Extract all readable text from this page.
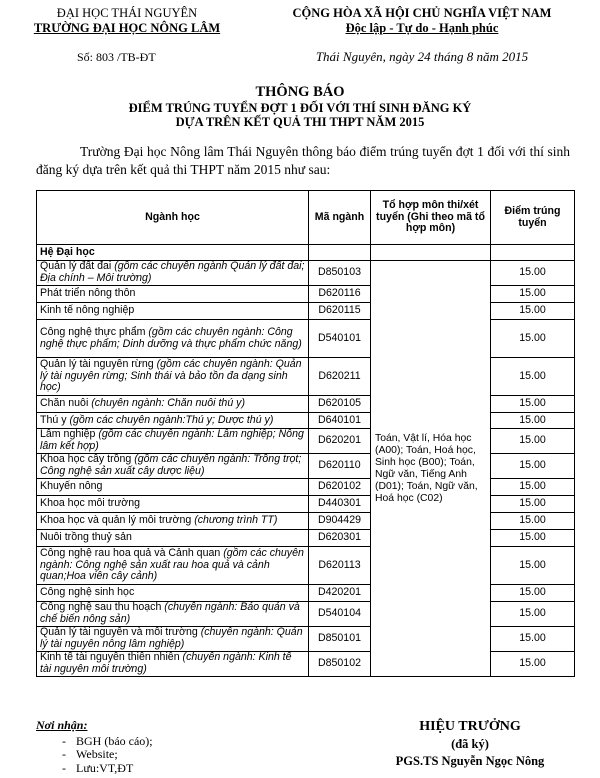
ĐẠI HỌC THÁI NGUYÊN
TRƯỜNG ĐẠI HỌC NÔNG LÂM
Số: 803 /TB-ĐT
CỘNG HÒA XÃ HỘI CHỦ NGHĨA VIỆT NAM
Độc lập - Tự do - Hạnh phúc
Thái Nguyên, ngày 24 tháng 8 năm 2015
THÔNG BÁO
ĐIỂM TRÚNG TUYỂN ĐỢT 1 ĐỐI VỚI THÍ SINH ĐĂNG KÝ
DỰA TRÊN KẾT QUẢ THI THPT NĂM 2015
Trường Đại học Nông lâm Thái Nguyên thông báo điểm trúng tuyển đợt 1 đối với thí sinh đăng ký dựa trên kết quả thi THPT năm 2015 như sau:
Ngành học	Mã ngành	Tổ hợp môn thi/xét tuyển (Ghi theo mã tổ hợp môn)	Điểm trúng tuyển
Hệ Đại học			
Quản lý đất đai (gồm các chuyên ngành Quản lý đất đai; Địa chính – Môi trường)	D850103	Toán, Vật lí, Hóa học (A00); Toán, Hoá học, Sinh học (B00); Toán, Ngữ văn, Tiếng Anh (D01); Toán, Ngữ văn, Hoá học (C02)	15.00
Phát triển nông thôn	D620116		15.00
Kinh tế nông nghiệp	D620115		15.00
Công nghệ thực phẩm (gồm các chuyên ngành: Công nghệ thực phẩm; Dinh dưỡng và thực phẩm chức năng)	D540101		15.00
Quản lý tài nguyên rừng (gồm các chuyên ngành: Quản lý tài nguyên rừng; Sinh thái và bảo tồn đa dạng sinh học)	D620211		15.00
Chăn nuôi (chuyên ngành: Chăn nuôi thú y)	D620105		15.00
Thú y (gồm các chuyên ngành:Thú y; Dược thú y)	D640101		15.00
Lâm nghiệp (gồm các chuyên ngành: Lâm nghiệp; Nông lâm kết hợp)	D620201		15.00
Khoa học cây trồng (gồm các chuyên ngành: Trồng trọt; Công nghệ sản xuất cây dược liệu)	D620110		15.00
Khuyến nông	D620102		15.00
Khoa học môi trường	D440301		15.00
Khoa học và quản lý môi trường (chương trình TT)	D904429		15.00
Nuôi trồng thuỷ sản	D620301		15.00
Công nghệ rau hoa quả và Cảnh quan (gồm các chuyên ngành: Công nghệ sản xuất rau hoa quả và cảnh quan;Hoa viên cây cảnh)	D620113		15.00
Công nghệ sinh học	D420201		15.00
Công nghệ sau thu hoạch (chuyên ngành: Bảo quản và chế biến nông sản)	D540104		15.00
Quản lý tài nguyên và môi trường (chuyên ngành: Quản lý tài nguyên nông lâm nghiệp)	D850101		15.00
Kinh tế tài nguyên thiên nhiên (chuyên ngành: Kinh tế tài nguyên môi trường)	D850102		15.00
Nơi nhận:
- BGH (báo cáo);
- Website;
- Lưu:VT,ĐT
HIỆU TRƯỞNG
(đã ký)
PGS.TS Nguyễn Ngọc Nông
